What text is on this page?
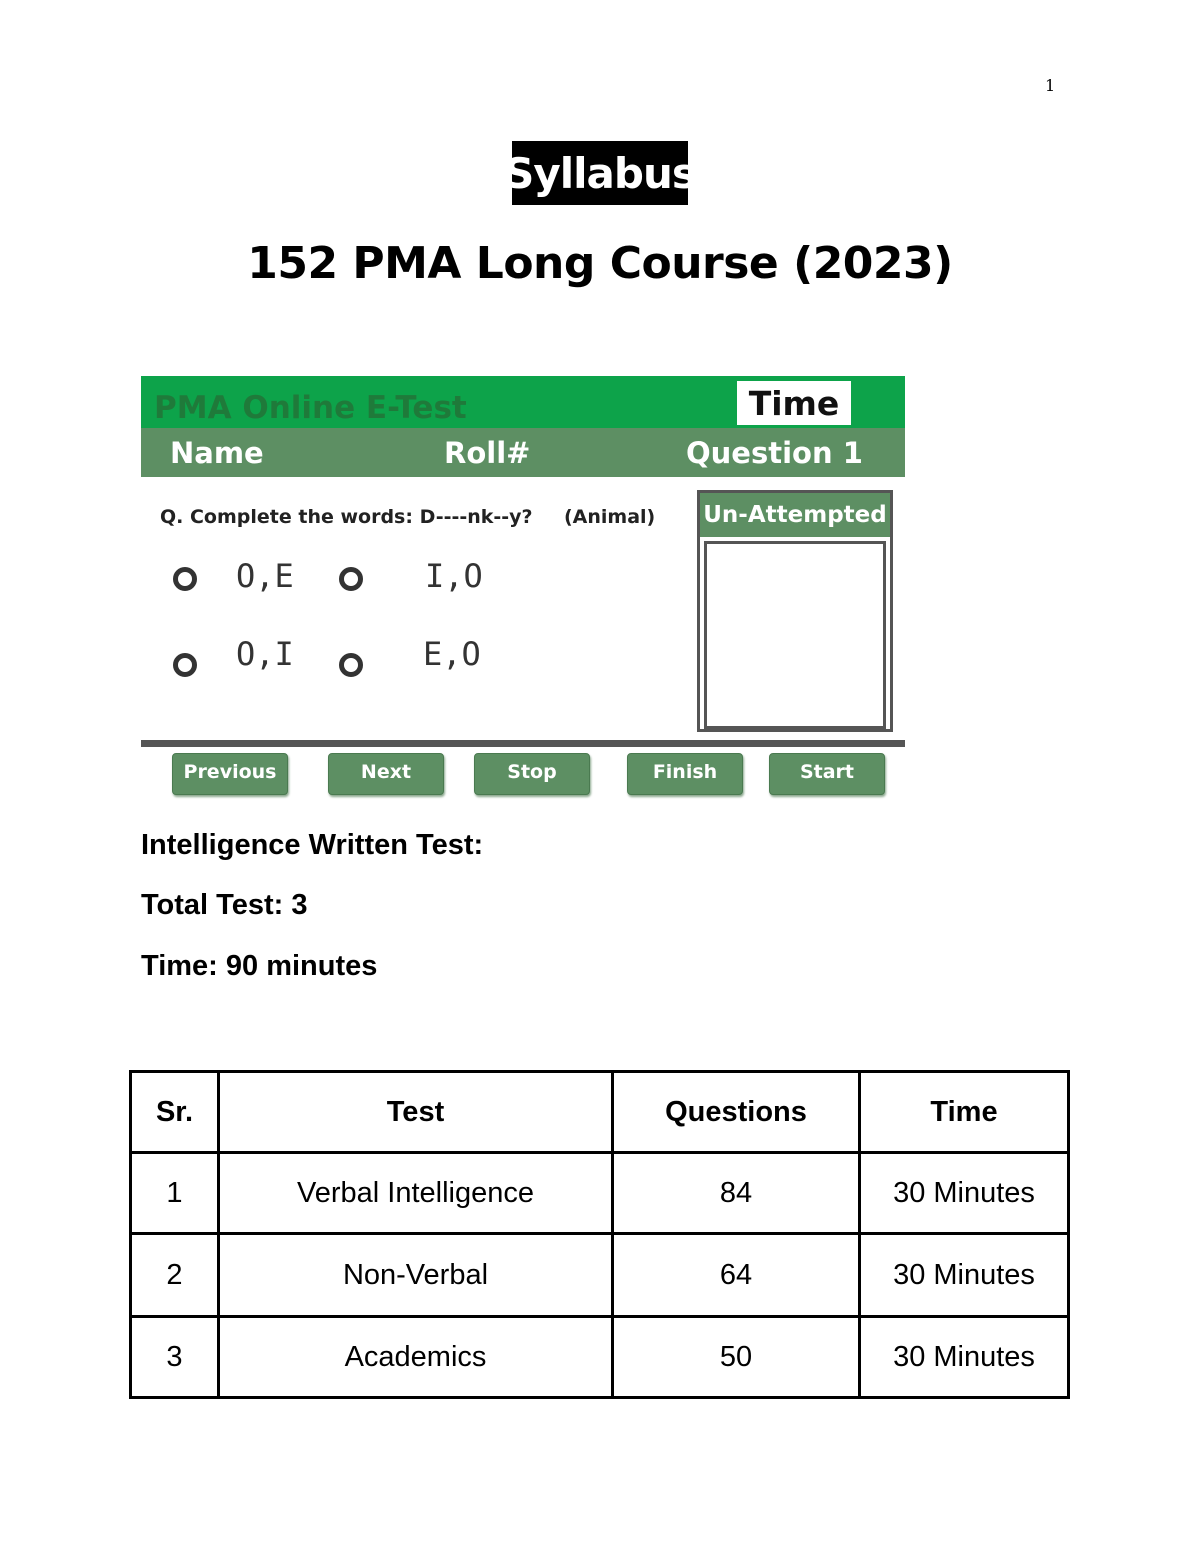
1
Syllabus
152 PMA Long Course (2023)
PMA Online E-Test	Time
Name	Roll#	Question 1
Q. Complete the words: D----nk--y? (Animal)
O,E	I,O
O,I	E,O
Un-Attempted
Previous	Next	Stop	Finish	Start
Intelligence Written Test:
Total Test: 3
Time: 90 minutes
Sr.	Test	Questions	Time
1	Verbal Intelligence	84	30 Minutes
2	Non-Verbal	64	30 Minutes
3	Academics	50	30 Minutes
